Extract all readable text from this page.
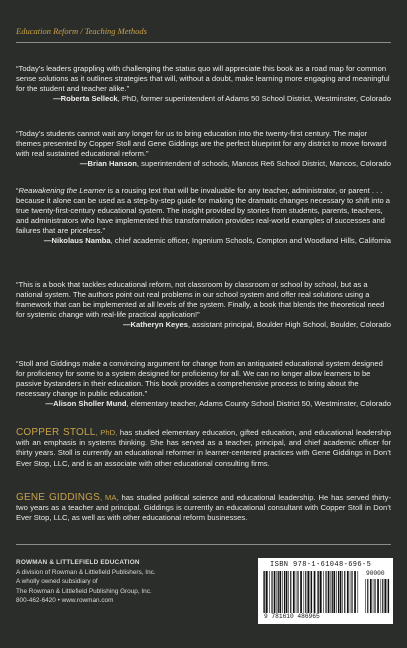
Education Reform / Teaching Methods
“Today’s leaders grappling with challenging the status quo will appreciate this book as a road map for common sense solutions as it outlines strategies that will, without a doubt, make learning more engaging and meaningful for the student and teacher alike.”
—Roberta Selleck, PhD, former superintendent of Adams 50 School District, Westminster, Colorado
“Today’s students cannot wait any longer for us to bring education into the twenty-first century. The major themes presented by Copper Stoll and Gene Giddings are the perfect blueprint for any district to move forward with real sustained educational reform.”
—Brian Hanson, superintendent of schools, Mancos Re6 School District, Mancos, Colorado
“Reawakening the Learner is a rousing text that will be invaluable for any teacher, administrator, or parent . . . because it alone can be used as a step-by-step guide for making the dramatic changes necessary to shift into a true twenty-first-century educational system. The insight provided by stories from students, parents, teachers, and administrators who have implemented this transformation provides real-world examples of successes and failures that are priceless.”
—Nikolaus Namba, chief academic officer, Ingenium Schools, Compton and Woodland Hills, California
“This is a book that tackles educational reform, not classroom by classroom or school by school, but as a national system. The authors point out real problems in our school system and offer real solutions using a framework that can be implemented at all levels of the system. Finally, a book that blends the theoretical need for systemic change with real-life practical application!”
—Katheryn Keyes, assistant principal, Boulder High School, Boulder, Colorado
“Stoll and Giddings make a convincing argument for change from an antiquated educational system designed for proficiency for some to a system designed for proficiency for all. We can no longer allow learners to be passive bystanders in their education. This book provides a comprehensive process to bring about the necessary change in public education.”
—Alison Sholler Mund, elementary teacher, Adams County School District 50, Westminster, Colorado
COPPER STOLL, PhD, has studied elementary education, gifted education, and educational leadership with an emphasis in systems thinking. She has served as a teacher, principal, and chief academic officer for thirty years. Stoll is currently an educational reformer in learner-centered practices with Gene Giddings in Don’t Ever Stop, LLC, and is an associate with other educational consulting firms.
GENE GIDDINGS, MA, has studied political science and educational leadership. He has served thirty-two years as a teacher and principal. Giddings is currently an educational consultant with Copper Stoll in Don’t Ever Stop, LLC, as well as with other educational reform businesses.
ROWMAN & LITTLEFIELD EDUCATION
A division of Rowman & Littlefield Publishers, Inc.
A wholly owned subsidiary of
The Rowman & Littlefield Publishing Group, Inc.
800-462-6420 • www.rowman.com
ISBN 978-1-61048-696-5
90000
9 781610 486965
